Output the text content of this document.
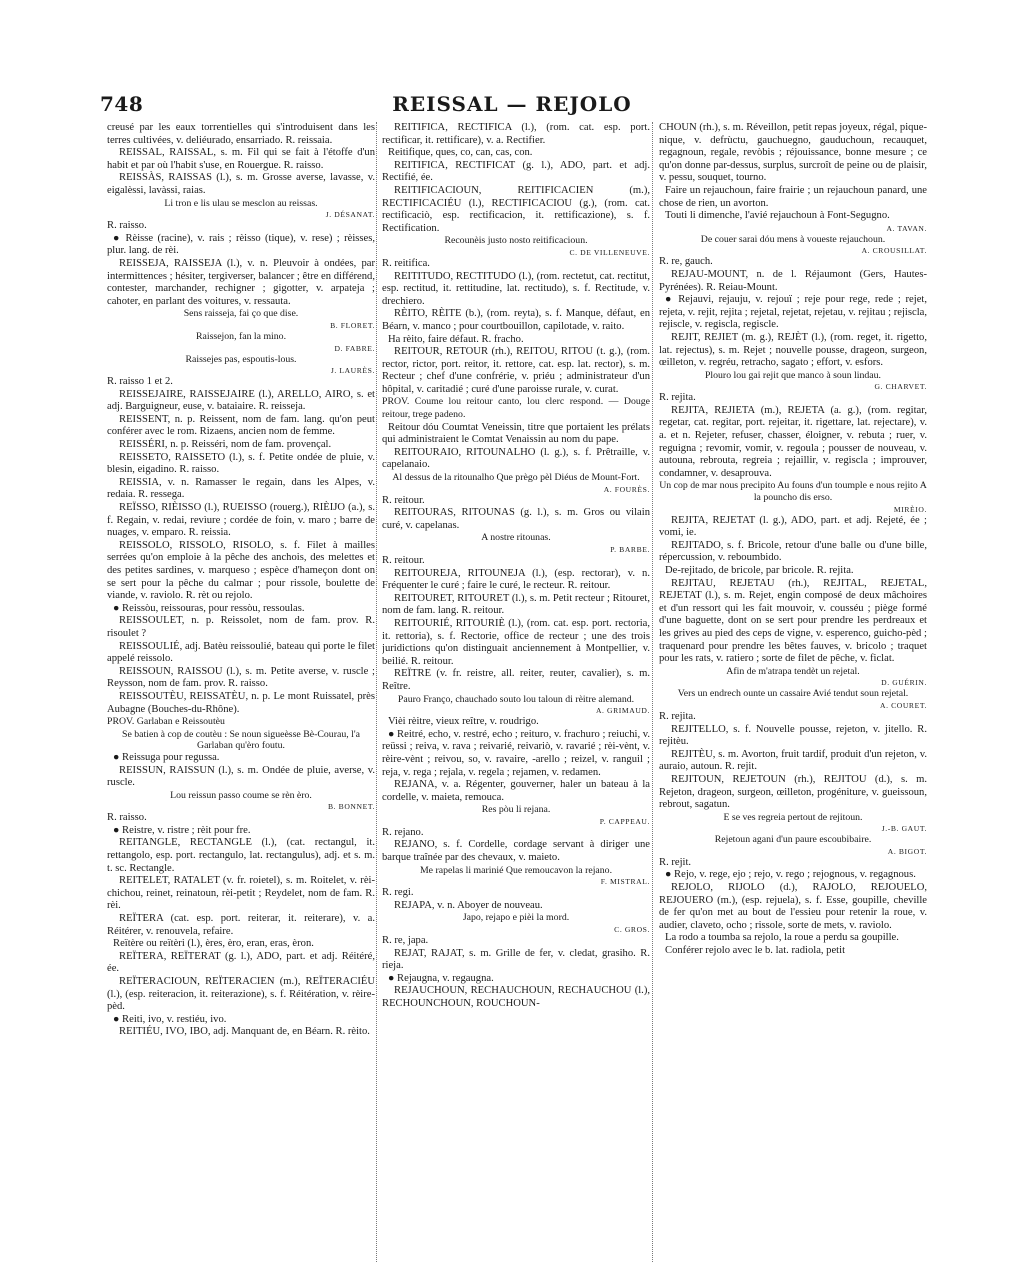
748	REISSAL — REJOLO

creusé par les eaux torrentielles qui s'introduisent dans les terres cultivées, v. deliéurado, ensarriado. R. reissaia.

REISSAL, RAISSAL, s. m. Fil qui se fait à l'étoffe d'un habit et par où l'habit s'use, en Rouergue. R. raisso.

REISSÀS, RAISSAS (l.), s. m. Grosse averse, lavasse, v. eigalèssi, lavàssi, raias.

Li tron e lis ulau se mesclon au reissas.

J. DÉSANAT.

R. raisso.

● Rèisse (racine), v. rais ; rèisso (tique), v. rese) ; rèisses, plur. lang. de rèi.

REISSEJA, RAISSEJA (l.), v. n. Pleuvoir à ondées, par intermittences ; hésiter, tergiverser, balancer ; être en différend, contester, marchander, rechigner ; gigotter, v. arpateja ; cahoter, en parlant des voitures, v. ressauta.

Sens raisseja, fai ço que dise.

B. FLORET.

Raissejon, fan la mino.

D. FABRE.

Raissejes pas, espoutis-lous.

J. LAURÈS.

R. raisso 1 et 2.

REISSEJAIRE, RAISSEJAIRE (l.), ARELLO, AIRO, s. et adj. Barguigneur, euse, v. bataiaire. R. reisseja.

REISSENT, n. p. Reissent, nom de fam. lang. qu'on peut conférer avec le rom. Rizaens, ancien nom de femme.

REISSÉRI, n. p. Reisséri, nom de fam. provençal.

REISSETO, RAISSETO (l.), s. f. Petite ondée de pluie, v. blesin, eigadino. R. raisso.

REISSIA, v. n. Ramasser le regain, dans les Alpes, v. redaia. R. ressega.

REÏSSO, RIÈISSO (l.), RUEISSO (rouerg.), RIÈIJO (a.), s. f. Regain, v. redai, revìure ; cordée de foin, v. maro ; barre de nuages, v. emparo. R. reissia.

REISSOLO, RISSOLO, RISOLO, s. f. Filet à mailles serrées qu'on emploie à la pêche des anchois, des melettes et des petites sardines, v. marqueso ; espèce d'hameçon dont on se sert pour la pêche du calmar ; pour rissole, boulette de viande, v. raviolo. R. rèt ou rejolo.

● Reissòu, reissouras, pour ressòu, ressoulas.

REISSOULET, n. p. Reissolet, nom de fam. prov. R. risoulet ?

REISSOULIÉ, adj. Batèu reissoulié, bateau qui porte le filet appelé reissolo.

REISSOUN, RAISSOU (l.), s. m. Petite averse, v. ruscle ; Reysson, nom de fam. prov. R. raisso.

REISSOUTÈU, REISSATÈU, n. p. Le mont Ruissatel, près Aubagne (Bouches-du-Rhône).

PROV. Garlaban e Reissoutèu

Se batien à cop de coutèu : Se noun sigueèsse Bè-Courau, l'a Garlaban qu'èro foutu.

● Reissuga pour regussa.

REISSUN, RAISSUN (l.), s. m. Ondée de pluie, averse, v. ruscle.

Lou reissun passo coume se rèn èro.

B. BONNET.

R. raisso.

● Reistre, v. ristre ; rèit pour fre.

REITANGLE, RECTANGLE (l.), (cat. rectangul, it. rettangolo, esp. port. rectangulo, lat. rectangulus), adj. et s. m. t. sc. Rectangle.

REITELET, RATALET (v. fr. roietel), s. m. Roitelet, v. rèi-chichou, reinet, reinatoun, rèi-petit ; Reydelet, nom de fam. R. rèi.

REÏTERA (cat. esp. port. reiterar, it. reiterare), v. a. Réitérer, v. renouvela, refaire.

Reïtère ou reïtèri (l.), ères, èro, eran, eras, èron.

REÏTERA, REÏTERAT (g. l.), ADO, part. et adj. Réitéré, ée.

REÏTERACIOUN, REÏTERACIEN (m.), REÏTERACIÉU (l.), (esp. reiteracion, it. reiterazione), s. f. Réitération, v. rèire-pèd.

● Reiti, ivo, v. restiéu, ivo.

REITIÉU, IVO, IBO, adj. Manquant de, en Béarn. R. rèito.

REITIFICA, RECTIFICA (l.), (rom. cat. esp. port. rectificar, it. rettificare), v. a. Rectifier.

Reitifique, ques, co, can, cas, con.

REITIFICA, RECTIFICAT (g. l.), ADO, part. et adj. Rectifié, ée.

REITIFICACIOUN, REITIFICACIEN (m.), RECTIFICACIÉU (l.), RECTIFICACIOU (g.), (rom. cat. rectificaciò, esp. rectificacion, it. rettificazione), s. f. Rectification.

Recounèis justo nosto reitificacioun.

C. DE VILLENEUVE.

R. reitifica.

REITITUDO, RECTITUDO (l.), (rom. rectetut, cat. rectitut, esp. rectitud, it. rettitudine, lat. rectitudo), s. f. Rectitude, v. drechiero.

RÈITO, RÈITE (b.), (rom. reyta), s. f. Manque, défaut, en Béarn, v. manco ; pour courtbouillon, capilotade, v. raito.

Ha rèito, faire défaut. R. fracho.

REITOUR, RETOUR (rh.), REITOU, RITOU (t. g.), (rom. rector, rictor, port. reitor, it. rettore, cat. esp. lat. rector), s. m. Recteur ; chef d'une confrérie, v. priéu ; administrateur d'un hôpital, v. caritadié ; curé d'une paroisse rurale, v. curat.

PROV. Coume lou reitour canto, lou clerc respond. — Douge reitour, trege padeno.

Reitour dóu Coumtat Veneissin, titre que portaient les prélats qui administraient le Comtat Venaissin au nom du pape.

REITOURAIO, RITOUNALHO (l. g.), s. f. Prêtraille, v. capelanaio.

Al dessus de la ritounalho Que prègo pèl Diéus de Mount-Fort.

A. FOURÈS.

R. reitour.

REITOURAS, RITOUNAS (g. l.), s. m. Gros ou vilain curé, v. capelanas.

A nostre ritounas.

P. BARBE.

R. reitour.

REITOUREJA, RITOUNEJA (l.), (esp. rectorar), v. n. Fréquenter le curé ; faire le curé, le recteur. R. reitour.

REITOURET, RITOURET (l.), s. m. Petit recteur ; Ritouret, nom de fam. lang. R. reitour.

REITOURIÉ, RITOURIÈ (l.), (rom. cat. esp. port. rectoria, it. rettoria), s. f. Rectorie, office de recteur ; une des trois juridictions qu'on distinguait anciennement à Montpellier, v. beilié. R. reitour.

REÏTRE (v. fr. reistre, all. reiter, reuter, cavalier), s. m. Reître.

Pauro Franço, chauchado souto lou taloun di rèitre alemand.

A. GRIMAUD.

Vièi rèitre, vieux reître, v. roudrigo.

● Reitré, echo, v. restré, echo ; reituro, v. frachuro ; reiuchi, v. reüssi ; reiva, v. rava ; reivarié, reivariò, v. ravarié ; rèi-vènt, v. rèire-vènt ; reivou, so, v. ravaire, -arello ; reizel, v. ranguil ; reja, v. rega ; rejala, v. regela ; rejamen, v. redamen.

REJANA, v. a. Régenter, gouverner, haler un bateau à la cordelle, v. maieta, remouca.

Res pòu li rejana.

P. CAPPEAU.

R. rejano.

REJANO, s. f. Cordelle, cordage servant à diriger une barque traînée par des chevaux, v. maieto.

Me rapelas li marinié Que remoucavon la rejano.

F. MISTRAL.

R. regi.

REJAPA, v. n. Aboyer de nouveau.

Japo, rejapo e pièi la mord.

C. GROS.

R. re, japa.

REJAT, RAJAT, s. m. Grille de fer, v. cledat, grasiho. R. rieja.

● Rejaugna, v. regaugna.

REJAUCHOUN, RECHAUCHOUN, RECHAUCHOU (l.), RECHOUNCHOUN, ROUCHOUN-

CHOUN (rh.), s. m. Réveillon, petit repas joyeux, régal, pique-nique, v. defrùctu, gauchuegno, gauduchoun, recauquet, regagnoun, regale, revòbis ; réjouissance, bonne mesure ; ce qu'on donne par-dessus, surplus, surcroît de peine ou de plaisir, v. pessu, souquet, tourno.

Faire un rejauchoun, faire frairie ; un rejauchoun panard, une chose de rien, un avorton.

Touti li dimenche, l'avié rejauchoun à Font-Segugno.

A. TAVAN.

De couer sarai dóu mens à voueste rejauchoun.

A. CROUSILLAT.

R. re, gauch.

REJAU-MOUNT, n. de l. Réjaumont (Gers, Hautes-Pyrénées). R. Reiau-Mount.

● Rejauvi, rejauju, v. rejouï ; reje pour rege, rede ; rejet, rejeta, v. rejit, rejita ; rejetal, rejetat, rejetau, v. rejitau ; rejiscla, rejiscle, v. regiscla, regiscle.

REJIT, REJIET (m. g.), REJÈT (l.), (rom. reget, it. rigetto, lat. rejectus), s. m. Rejet ; nouvelle pousse, drageon, surgeon, œilleton, v. regréu, retracho, sagato ; effort, v. esfors.

Plouro lou gai rejit que manco à soun lindau.

G. CHARVET.

R. rejita.

REJITA, REJIETA (m.), REJETA (a. g.), (rom. regitar, regetar, cat. regitar, port. rejeitar, it. rigettare, lat. rejectare), v. a. et n. Rejeter, refuser, chasser, éloigner, v. rebuta ; ruer, v. reguigna ; revomir, vomir, v. regoula ; pousser de nouveau, v. autouna, rebrouta, regreia ; rejaillir, v. regiscla ; improuver, condamner, v. desaprouva.

Un cop de mar nous precipito Au founs d'un toumple e nous rejito A la pouncho dis erso.

MIRÈIO.

REJITA, REJETAT (l. g.), ADO, part. et adj. Rejeté, ée ; vomi, ie.

REJITADO, s. f. Bricole, retour d'une balle ou d'une bille, répercussion, v. reboumbido.

De-rejitado, de bricole, par bricole. R. rejita.

REJITAU, REJETAU (rh.), REJITAL, REJETAL, REJETAT (l.), s. m. Rejet, engin composé de deux mâchoires et d'un ressort qui les fait mouvoir, v. cousséu ; piège formé d'une baguette, dont on se sert pour prendre les perdreaux et les grives au pied des ceps de vigne, v. esperenco, guicho-pèd ; traquenard pour prendre les bêtes fauves, v. bricolo ; traquet pour les rats, v. ratiero ; sorte de filet de pêche, v. ficlat.

Afin de m'atrapa tendèt un rejetal.

D. GUÉRIN.

Vers un endrech ounte un cassaire Avié tendut soun rejetal.

A. COURET.

R. rejita.

REJITELLO, s. f. Nouvelle pousse, rejeton, v. jitello. R. rejitèu.

REJITÈU, s. m. Avorton, fruit tardif, produit d'un rejeton, v. auraio, autoun. R. rejit.

REJITOUN, REJETOUN (rh.), REJITOU (d.), s. m. Rejeton, drageon, surgeon, œilleton, progéniture, v. gueissoun, rebrout, sagatun.

E se ves regreia pertout de rejitoun.

J.-B. GAUT.

Rejetoun agani d'un paure escoubibaire.

A. BIGOT.

R. rejit.

● Rejo, v. rege, ejo ; rejo, v. rego ; rejognous, v. regagnous.

REJOLO, RIJOLO (d.), RAJOLO, REJOUELO, REJOUERO (m.), (esp. rejuela), s. f. Esse, goupille, cheville de fer qu'on met au bout de l'essieu pour retenir la roue, v. audier, claveto, ocho ; rissole, sorte de mets, v. raviolo.

La rodo a toumba sa rejolo, la roue a perdu sa goupille.

Conférer rejolo avec le b. lat. radiola, petit
